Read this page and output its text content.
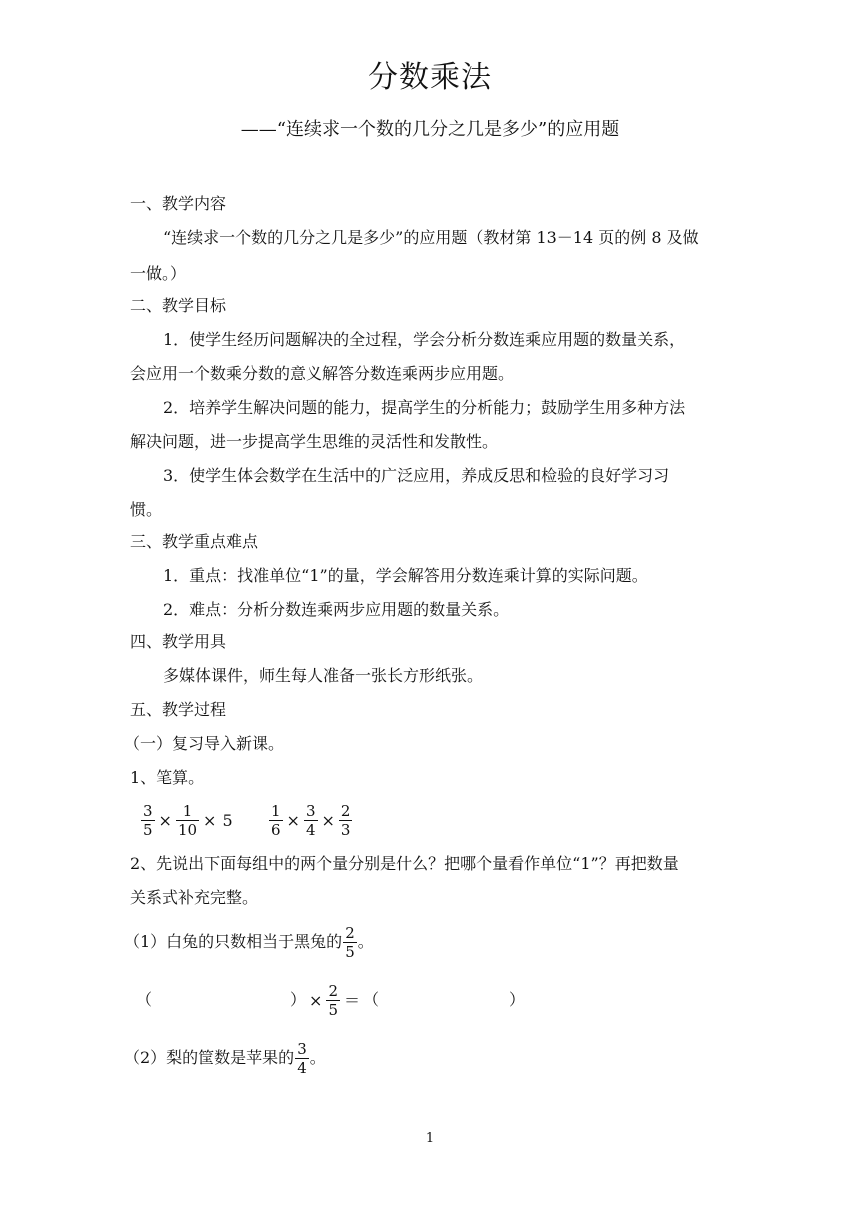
分数乘法
——“连续求一个数的几分之几是多少”的应用题
一、教学内容
“连续求一个数的几分之几是多少”的应用题（教材第 13－14 页的例 8 及做
一做。）
二、教学目标
1．使学生经历问题解决的全过程，学会分析分数连乘应用题的数量关系，
会应用一个数乘分数的意义解答分数连乘两步应用题。
2．培养学生解决问题的能力，提高学生的分析能力；鼓励学生用多种方法
解决问题，进一步提高学生思维的灵活性和发散性。
3．使学生体会数学在生活中的广泛应用，养成反思和检验的良好学习习
惯。
三、教学重点难点
1．重点：找准单位“1”的量，学会解答用分数连乘计算的实际问题。
2．难点：分析分数连乘两步应用题的数量关系。
四、教学用具
多媒体课件，师生每人准备一张长方形纸张。
五、教学过程
（一）复习导入新课。
1、笔算。
$\frac{3}{5} \times \frac{1}{10} \times 5$	$\frac{1}{6} \times \frac{3}{4} \times \frac{2}{3}$
2、先说出下面每组中的两个量分别是什么？把哪个量看作单位“1”？再把数量
关系式补充完整。
（1）白兔的只数相当于黑兔的 $\frac{2}{5}$ 。
（	） × $\frac{2}{5}$ ＝ （	）
（2）梨的筐数是苹果的 $\frac{3}{4}$ 。
1
